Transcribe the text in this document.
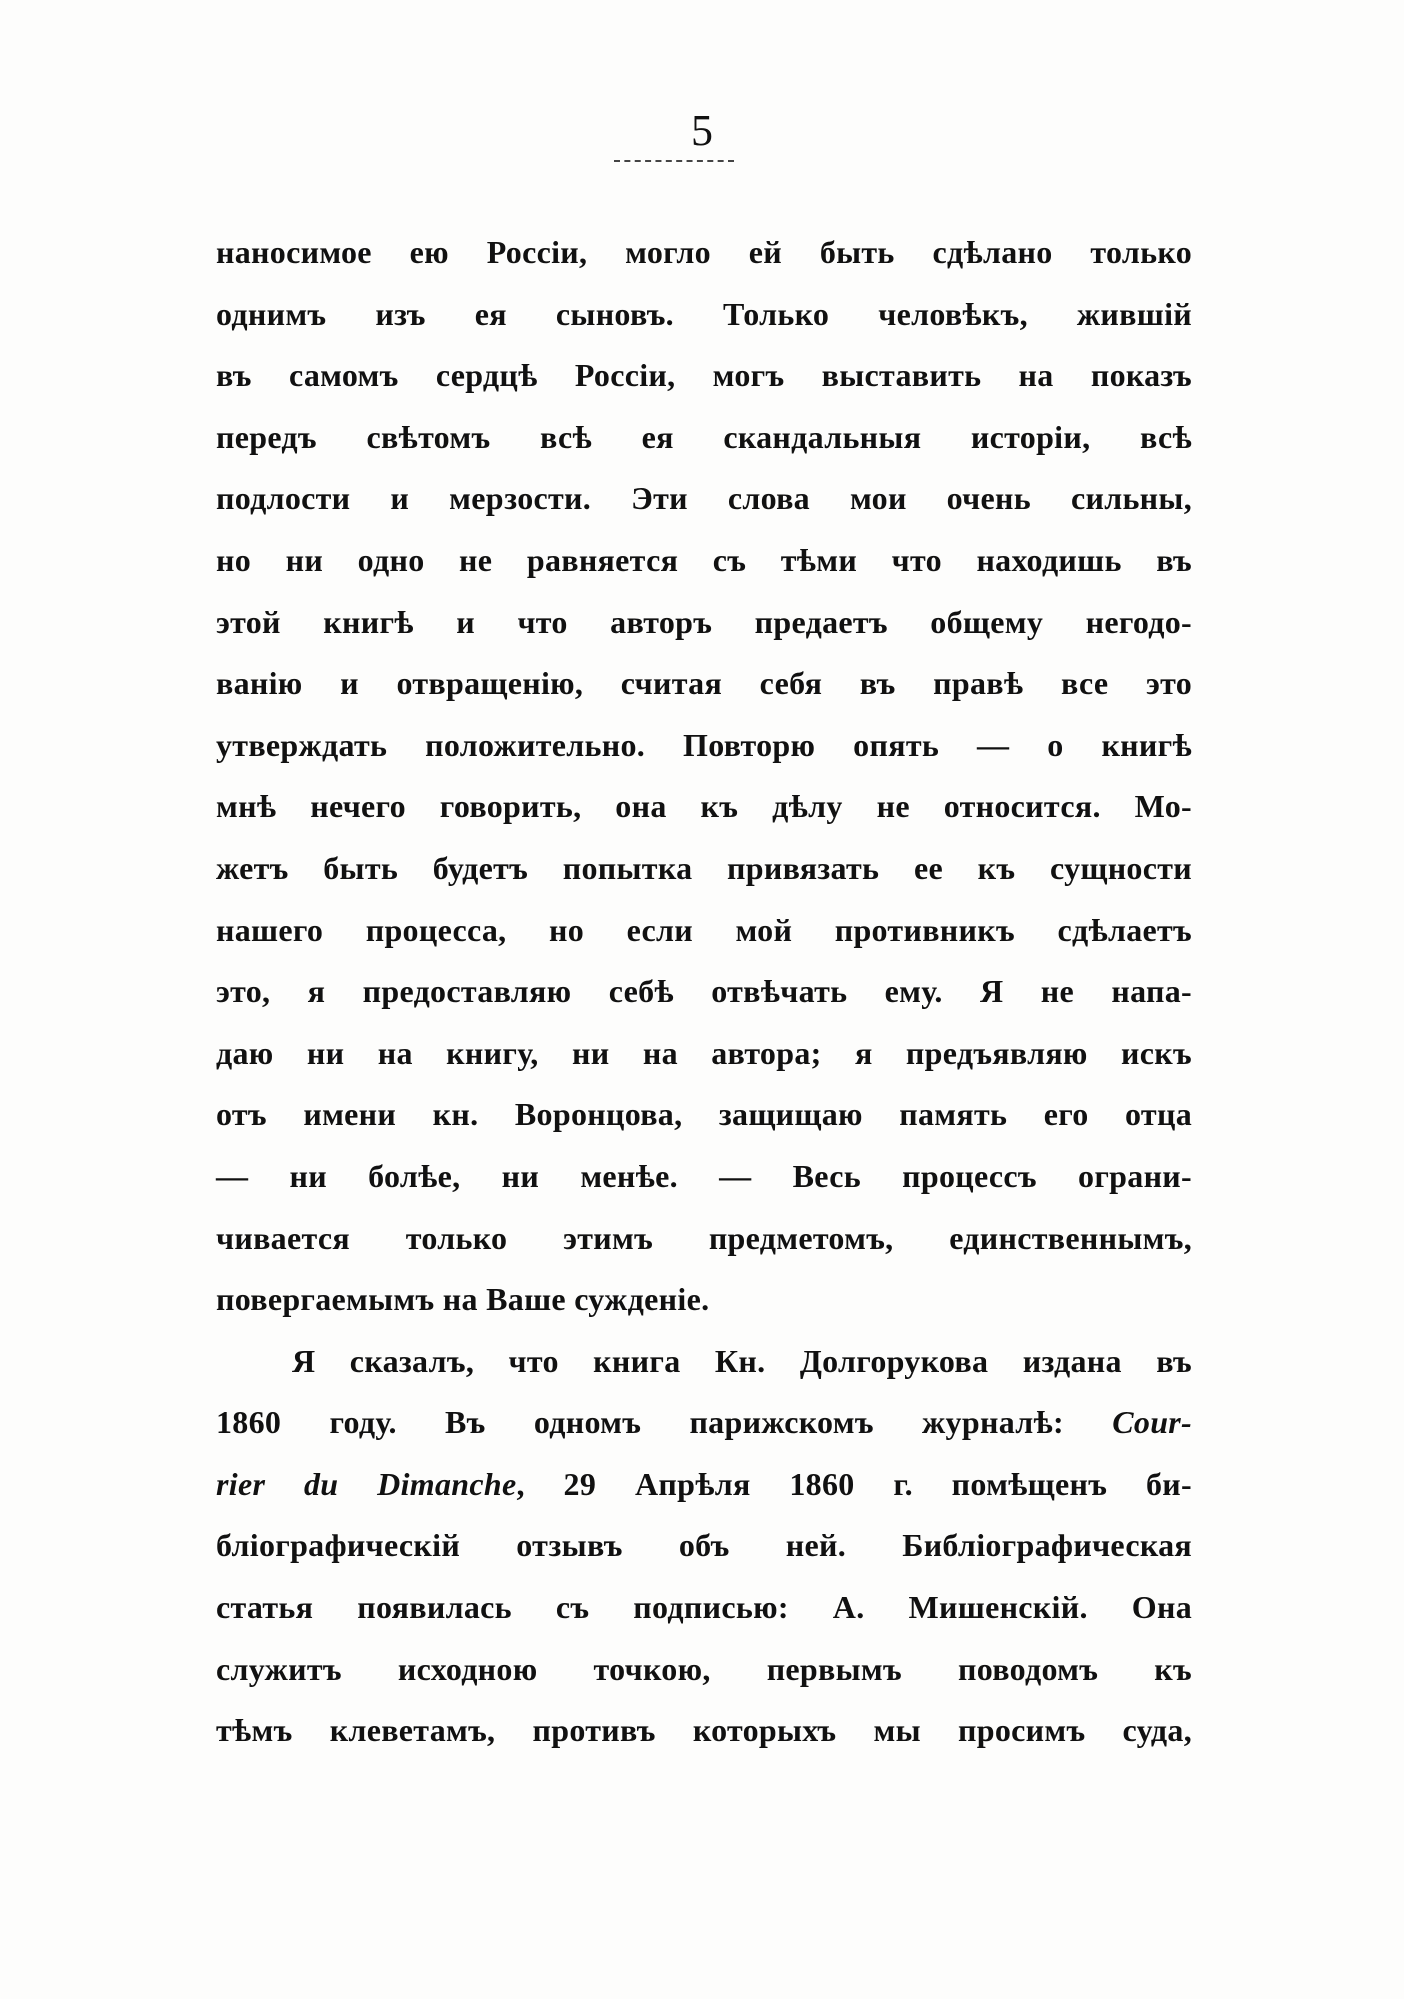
5
наносимое ею Россіи, могло ей быть сдѣлано только
однимъ изъ ея сыновъ. Только человѣкъ, жившій
въ самомъ сердцѣ Россіи, могъ выставить на показъ
передъ свѣтомъ всѣ ея скандальныя исторіи, всѣ
подлости и мерзости. Эти слова мои очень сильны,
но ни одно не равняется съ тѣми что находишь въ
этой книгѣ и что авторъ предаетъ общему негодо-
ванію и отвращенію, считая себя въ правѣ все это
утверждать положительно. Повторю опять — о книгѣ
мнѣ нечего говорить, она къ дѣлу не относится. Мо-
жетъ быть будетъ попытка привязать ее къ сущности
нашего процесса, но если мой противникъ сдѣлаетъ
это, я предоставляю себѣ отвѣчать ему. Я не напа-
даю ни на книгу, ни на автора; я предъявляю искъ
отъ имени кн. Воронцова, защищаю память его отца
— ни болѣе, ни менѣе. — Весь процессъ ограни-
чивается только этимъ предметомъ, единственнымъ,
повергаемымъ на Ваше сужденіе.
Я сказалъ, что книга Кн. Долгорукова издана въ
1860 году. Въ одномъ парижскомъ журналѣ: Cour-
rier du Dimanche, 29 Апрѣля 1860 г. помѣщенъ би-
бліографическій отзывъ объ ней. Библіографическая
статья появилась съ подписью: А. Мишенскій. Она
служитъ исходною точкою, первымъ поводомъ къ
тѣмъ клеветамъ, противъ которыхъ мы просимъ суда,
